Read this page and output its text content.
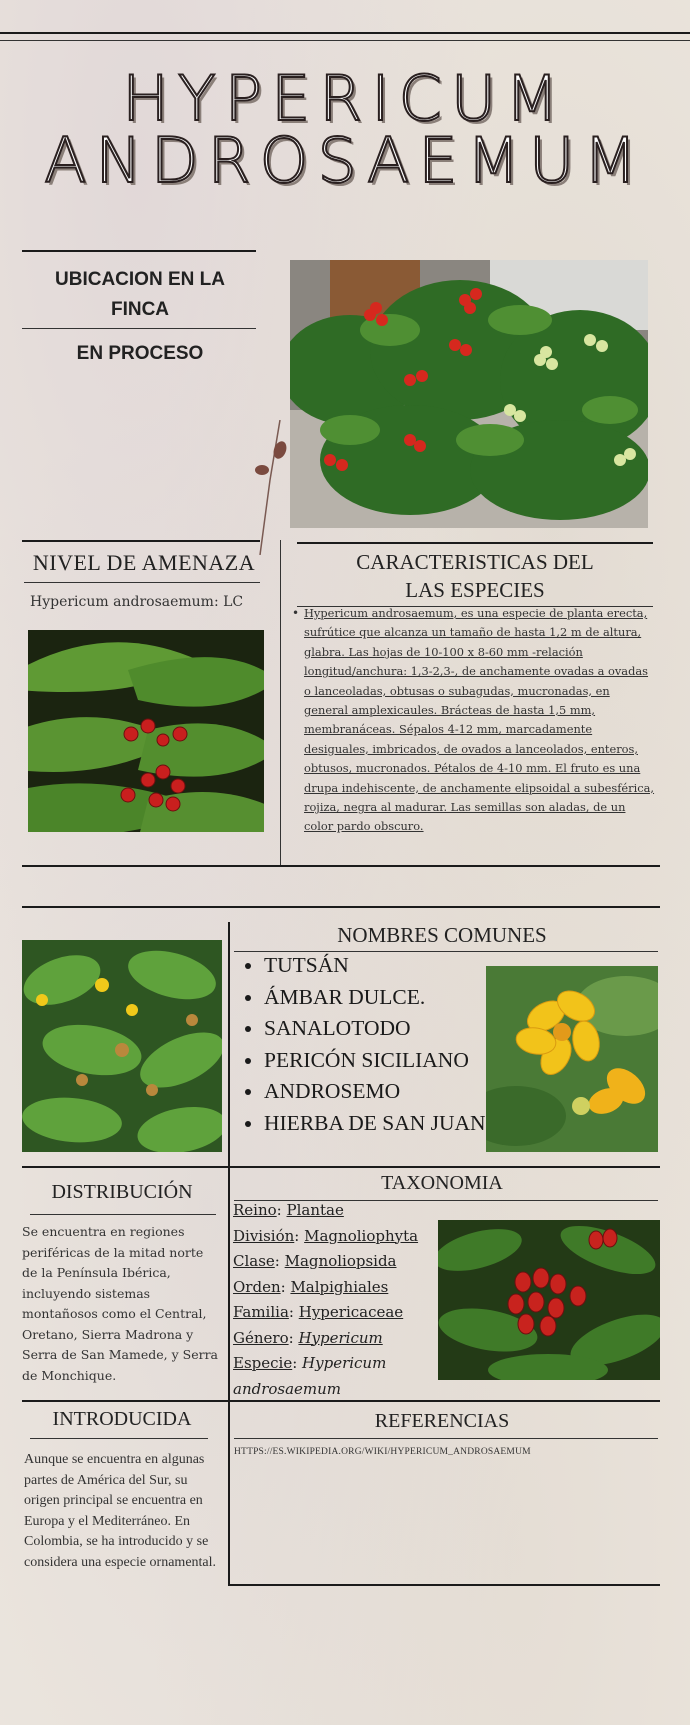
HYPERICUM
ANDROSAEMUM
UBICACION EN LA FINCA
EN PROCESO
NIVEL DE AMENAZA
Hypericum androsaemum: LC
CARACTERISTICAS DEL
LAS ESPECIES
• Hypericum androsaemum, es una especie de planta erecta, sufrútice que alcanza un tamaño de hasta 1,2 m de altura, glabra. Las hojas de 10-100 x 8-60 mm -relación longitud/anchura: 1,3-2,3-, de anchamente ovadas a ovadas o lanceoladas, obtusas o subagudas, mucronadas, en general amplexicaules. Brácteas de hasta 1,5 mm, membranáceas. Sépalos 4-12 mm, marcadamente desiguales, imbricados, de ovados a lanceolados, enteros, obtusos, mucronados. Pétalos de 4-10 mm. El fruto es una drupa indehiscente, de anchamente elipsoidal a subesférica, rojiza, negra al madurar. Las semillas son aladas, de un color pardo obscuro.
NOMBRES COMUNES
• TUTSÁN
• ÁMBAR DULCE.
• SANALOTODO
• PERICÓN SICILIANO
• ANDROSEMO
• HIERBA DE SAN JUAN
DISTRIBUCIÓN
Se encuentra en regiones periféricas de la mitad norte de la Península Ibérica, incluyendo sistemas montañosos como el Central, Oretano, Sierra Madrona y Serra de San Mamede, y Serra de Monchique.
TAXONOMIA
Reino: Plantae
División: Magnoliophyta
Clase: Magnoliopsida
Orden: Malpighiales
Familia: Hypericaceae
Género: Hypericum
Especie: Hypericum androsaemum
INTRODUCIDA
Aunque se encuentra en algunas partes de América del Sur, su origen principal se encuentra en Europa y el Mediterráneo. En Colombia, se ha introducido y se considera una especie ornamental.
REFERENCIAS
HTTPS://ES.WIKIPEDIA.ORG/WIKI/HYPERICUM_ANDROSAEMUM
